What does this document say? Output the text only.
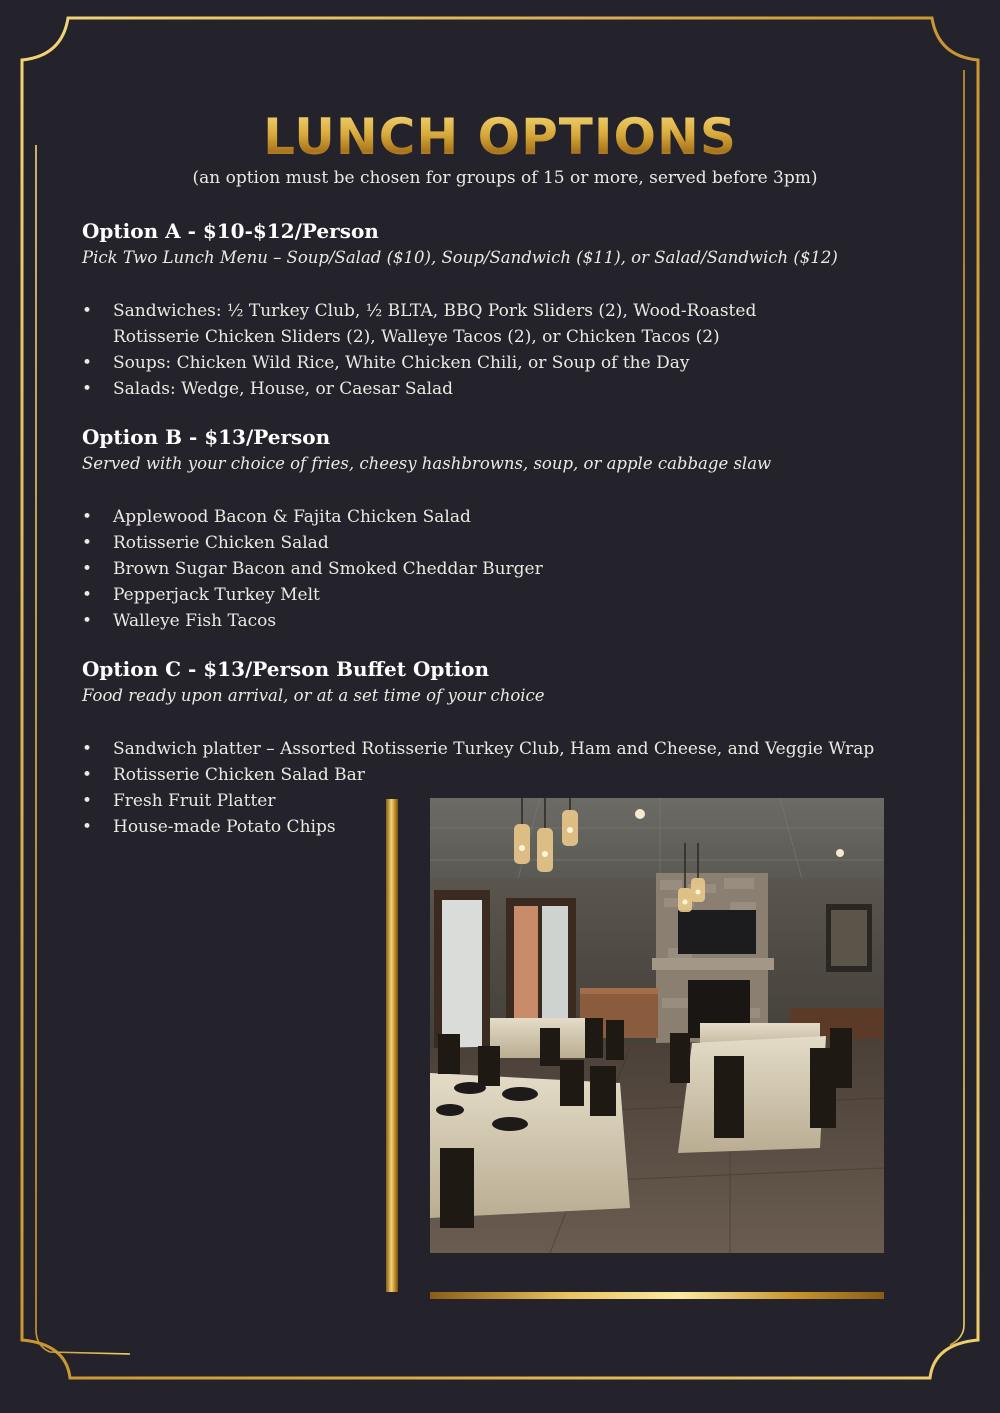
LUNCH OPTIONS
(an option must be chosen for groups of 15 or more, served before 3pm)
Option A - $10-$12/Person
Pick Two Lunch Menu – Soup/Salad ($10), Soup/Sandwich ($11), or Salad/Sandwich ($12)
• Sandwiches: ½ Turkey Club, ½ BLTA, BBQ Pork Sliders (2), Wood-Roasted Rotisserie Chicken Sliders (2), Walleye Tacos (2), or Chicken Tacos (2)
• Soups: Chicken Wild Rice, White Chicken Chili, or Soup of the Day
• Salads: Wedge, House, or Caesar Salad
Option B - $13/Person
Served with your choice of fries, cheesy hashbrowns, soup, or apple cabbage slaw
• Applewood Bacon & Fajita Chicken Salad
• Rotisserie Chicken Salad
• Brown Sugar Bacon and Smoked Cheddar Burger
• Pepperjack Turkey Melt
• Walleye Fish Tacos
Option C - $13/Person Buffet Option
Food ready upon arrival, or at a set time of your choice
• Sandwich platter – Assorted Rotisserie Turkey Club, Ham and Cheese, and Veggie Wrap
• Rotisserie Chicken Salad Bar
• Fresh Fruit Platter
• House-made Potato Chips
